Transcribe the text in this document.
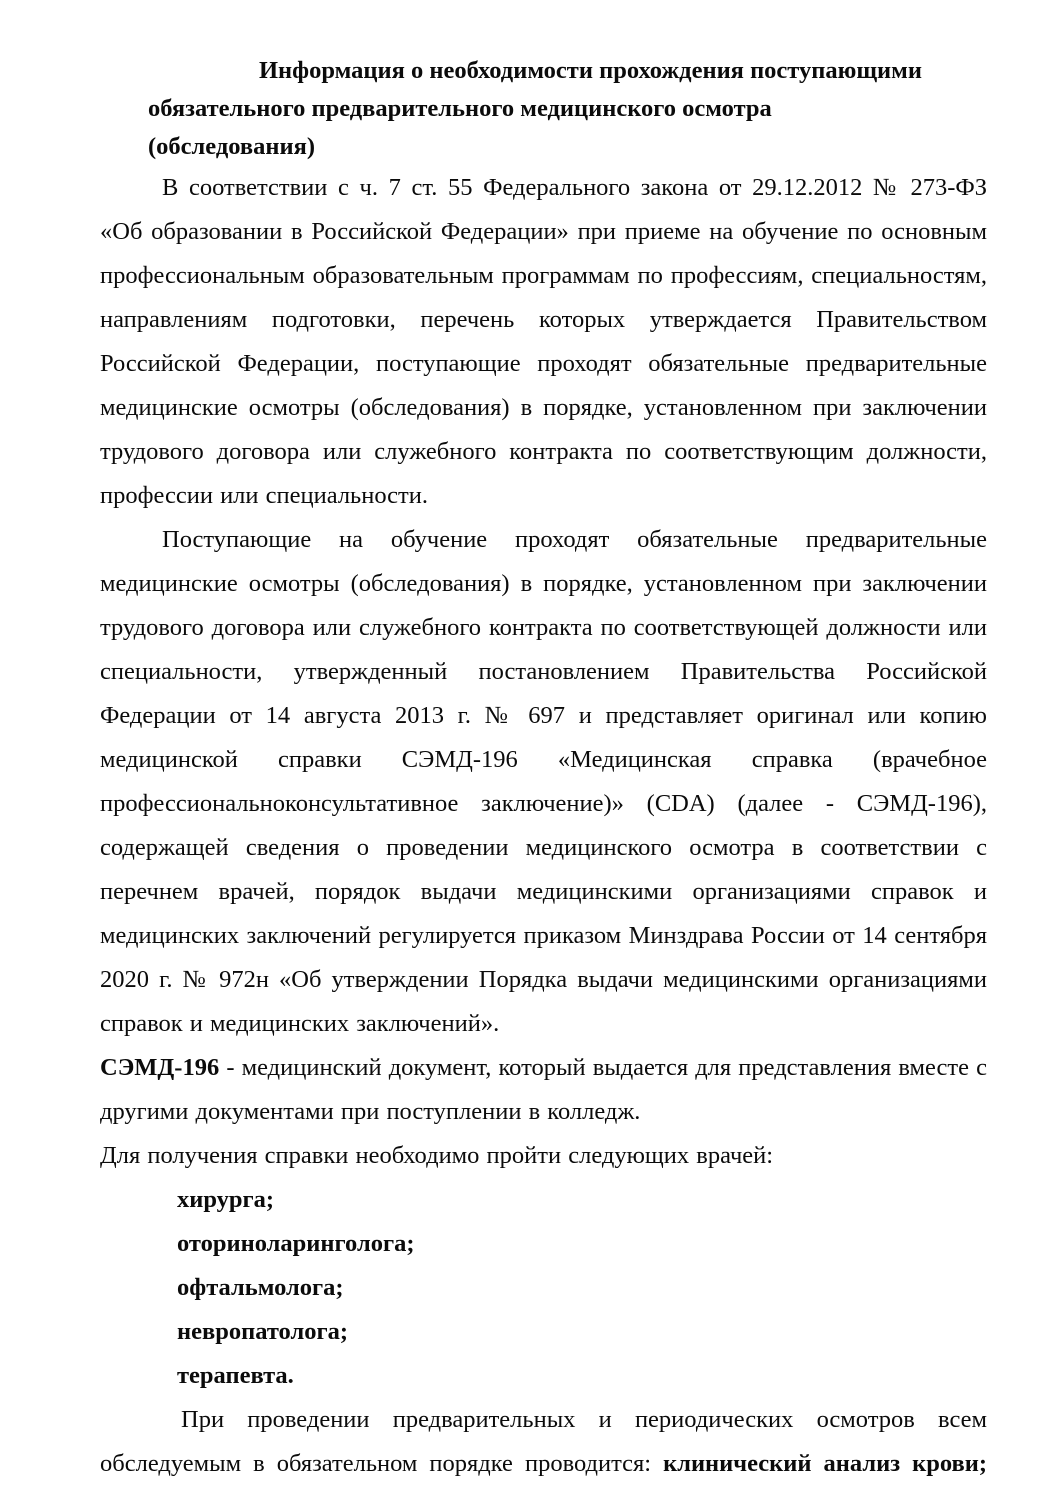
Информация о необходимости прохождения поступающими
обязательного предварительного медицинского осмотра
(обследования)

В соответствии с ч. 7 ст. 55 Федерального закона от 29.12.2012 № 273-ФЗ «Об образовании в Российской Федерации» при приеме на обучение по основным профессиональным образовательным программам по профессиям, специальностям, направлениям подготовки, перечень которых утверждается Правительством Российской Федерации, поступающие проходят обязательные предварительные медицинские осмотры (обследования) в порядке, установленном при заключении трудового договора или служебного контракта по соответствующим должности, профессии или специальности.

Поступающие на обучение проходят обязательные предварительные медицинские осмотры (обследования) в порядке, установленном при заключении трудового договора или служебного контракта по соответствующей должности или специальности, утвержденный постановлением Правительства Российской Федерации от 14 августа 2013 г. № 697 и представляет оригинал или копию медицинской справки СЭМД-196 «Медицинская справка (врачебное профессиональноконсультативное заключение)» (CDA) (далее - СЭМД-196), содержащей сведения о проведении медицинского осмотра в соответствии с перечнем врачей, порядок выдачи медицинскими организациями справок и медицинских заключений регулируется приказом Минздрава России от 14 сентября 2020 г. № 972н «Об утверждении Порядка выдачи медицинскими организациями справок и медицинских заключений».

СЭМД-196 - медицинский документ, который выдается для представления вместе с другими документами при поступлении в колледж.

Для получения справки необходимо пройти следующих врачей:

хирурга;
оториноларинголога;
офтальмолога;
невропатолога;
терапевта.

При проведении предварительных и периодических осмотров всем обследуемым в обязательном порядке проводится: клинический анализ крови;
